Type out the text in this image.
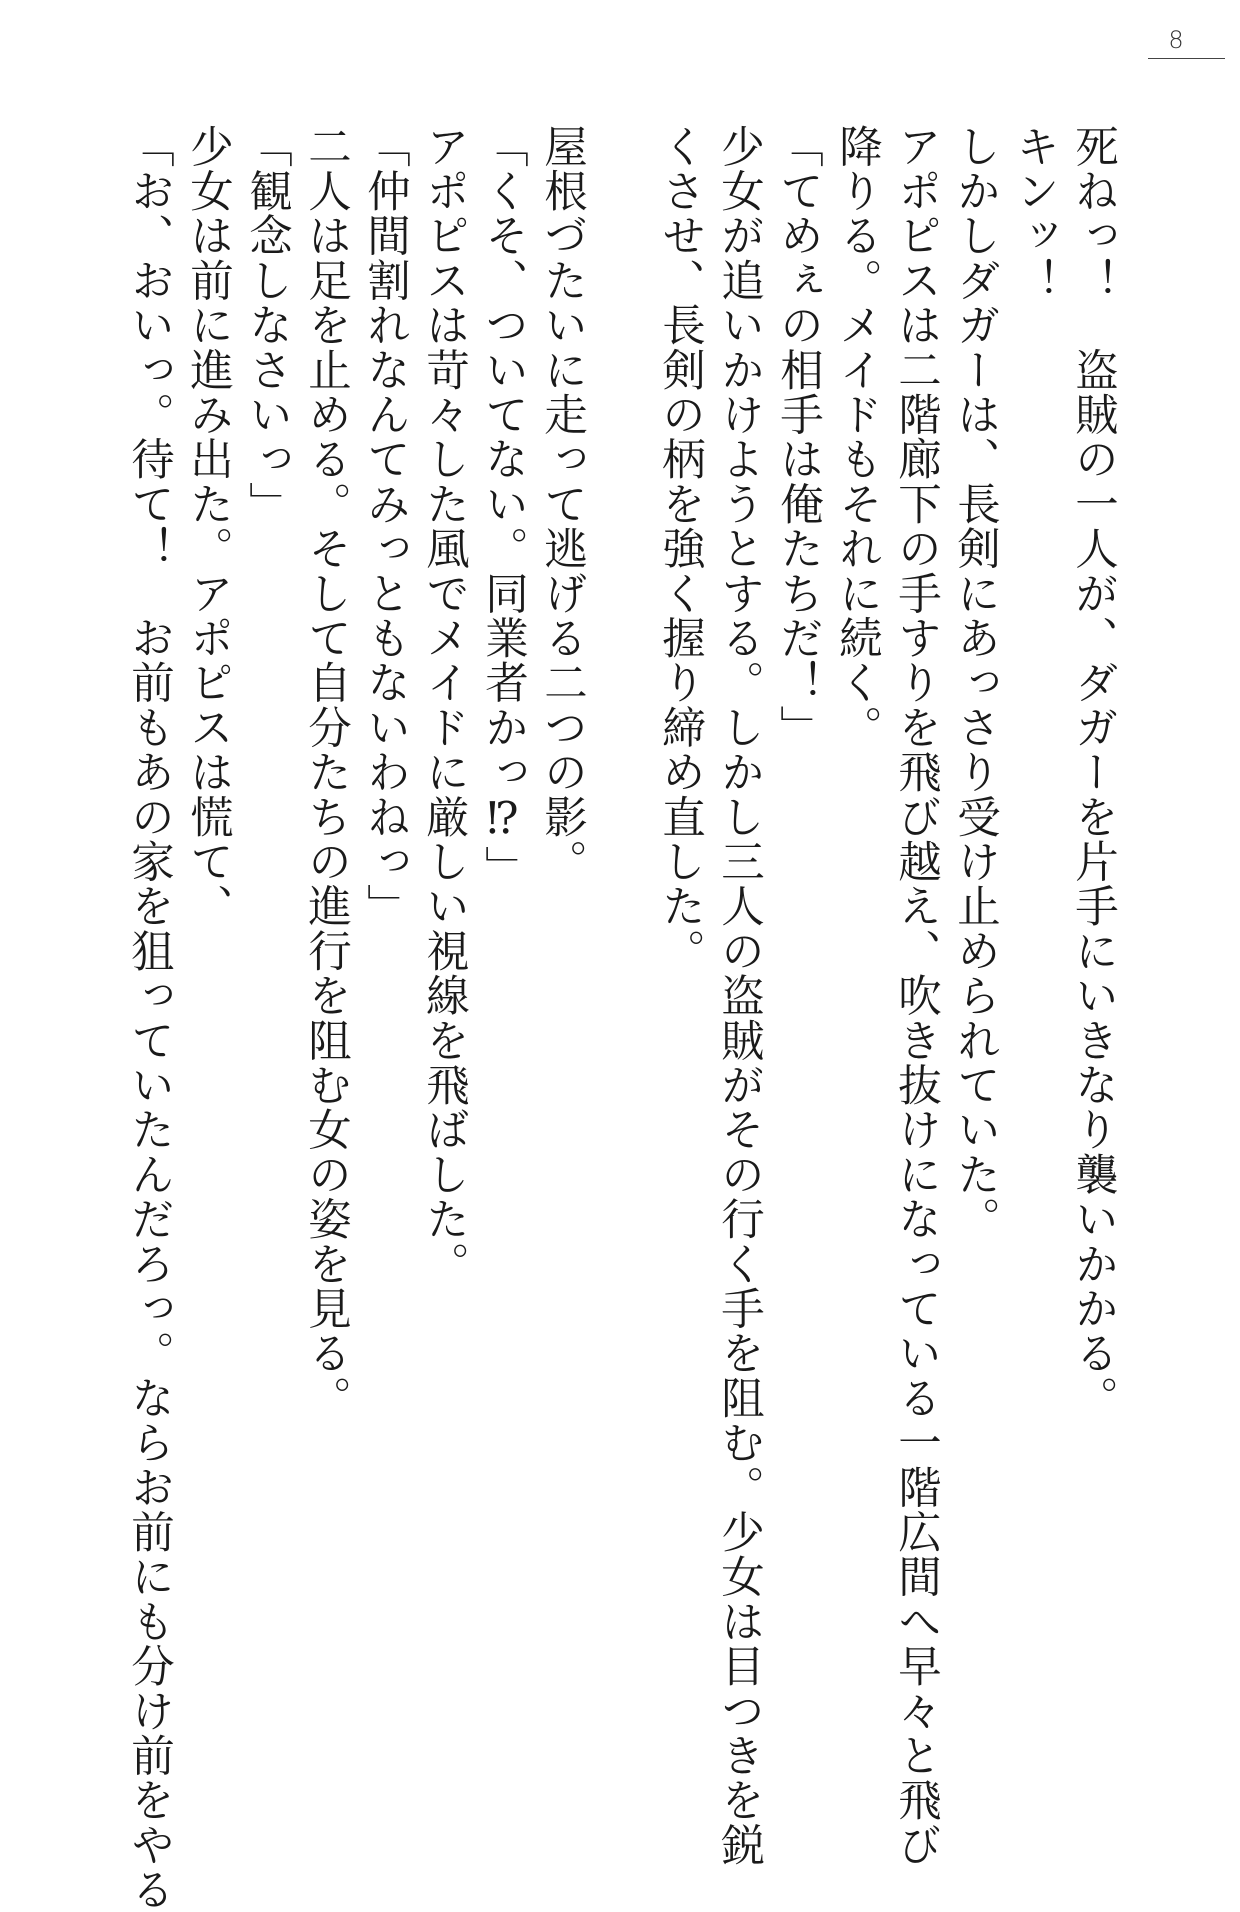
8
死ねっ！　盗賊の一人が、ダガーを片手にいきなり襲いかかる。
キンッ！
しかしダガーは、長剣にあっさり受け止められていた。
アポピスは二階廊下の手すりを飛び越え、吹き抜けになっている一階広間へ早々と飛び
降りる。メイドもそれに続く。
「てめぇの相手は俺たちだ！」
少女が追いかけようとする。しかし三人の盗賊がその行く手を阻む。少女は目つきを鋭
くさせ、長剣の柄を強く握り締め直した。
屋根づたいに走って逃げる二つの影。
「くそ、ついてない。同業者かっ⁉」
アポピスは苛々した風でメイドに厳しい視線を飛ばした。
「仲間割れなんてみっともないわねっ」
二人は足を止める。そして自分たちの進行を阻む女の姿を見る。
「観念しなさいっ」
少女は前に進み出た。アポピスは慌て、
「お、おいっ。待て！　お前もあの家を狙っていたんだろっ。ならお前にも分け前をやる
